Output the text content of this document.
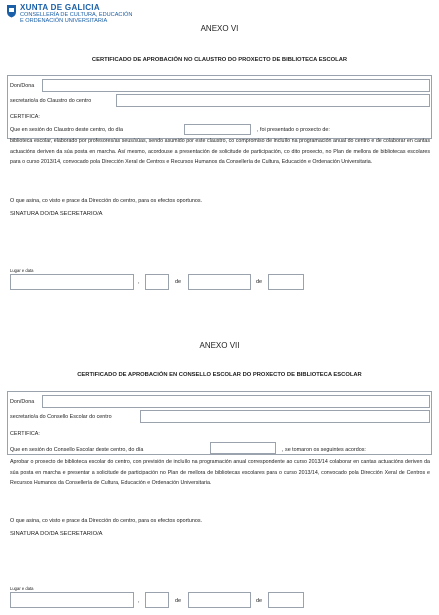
XUNTA DE GALICIA
CONSELLERÍA DE CULTURA, EDUCACIÓN
E ORDENACIÓN UNIVERSITARIA
ANEXO VI
CERTIFICADO DE APROBACIÓN NO CLAUSTRO DO PROXECTO DE BIBLIOTECA ESCOLAR
Don/Dona
secretario/a do Claustro do centro
CERTIFICA:
Que en sesión do Claustro deste centro, do día	, foi presentado o proxecto de:
biblioteca escolar, elaborado por profesores/as seus/súas, sendo asumido por este claustro, co compromiso de incluílo na programación anual do centro e de colaborar en cantas actuacións deriven da súa posta en marcha. Así mesmo, acordouse a presentación de solicitude de participación, co dito proxecto, no Plan de mellora de bibliotecas escolares para o curso 2013/14, convocado pola Dirección Xeral de Centros e Recursos Humanos da Consellería de Cultura, Educación e Ordenación Universitaria.
O que asina, co visto e prace da Dirección do centro, para os efectos oportunos.
SINATURA DO/DA SECRETARIO/A
Lugar e data
,	de	de
ANEXO VII
CERTIFICADO DE APROBACIÓN EN CONSELLO ESCOLAR DO PROXECTO DE BIBLIOTECA ESCOLAR
Don/Dona
secretario/a do Consello Escolar do centro
CERTIFICA:
Que en sesión do Consello Escolar deste centro, do día	, se tomaron os seguintes acordos:
Aprobar o proxecto de biblioteca escolar do centro, con previsión de incluílo na programación anual correspondente ao curso 2013/14 colaborar en cantas actuacións deriven da súa posta en marcha e presentar a solicitude de participación no Plan de mellora de bibliotecas escolares para o curso 2013/14, convocado pola Dirección Xeral de Centros e Recursos Humanos da Consellería de Cultura, Educación e Ordenación Universitaria.
O que asina, co visto e prace da Dirección do centro, para os efectos oportunos.
SINATURA DO/DA SECRETARIO/A
Lugar e data
,	de	de
